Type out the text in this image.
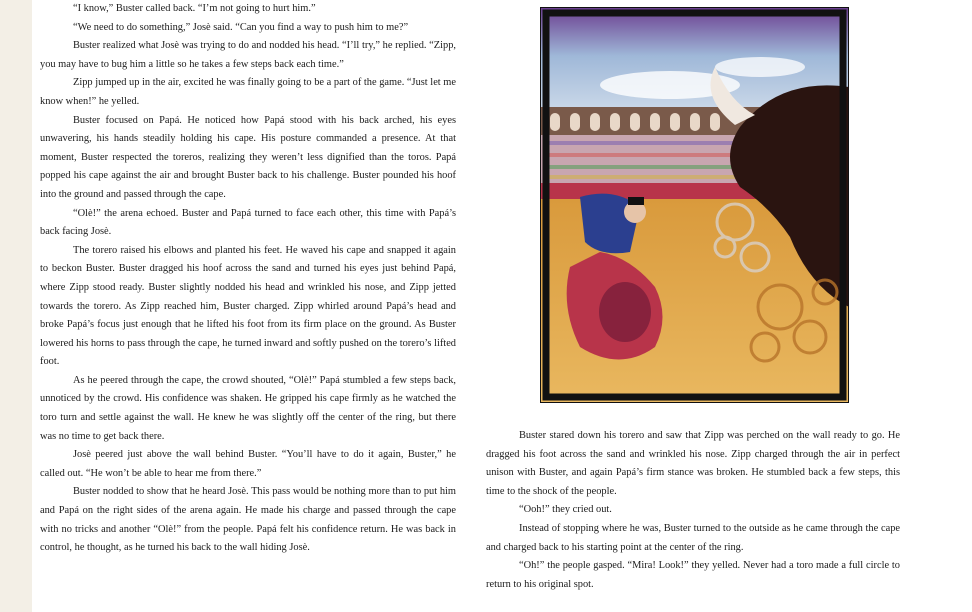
“I know,” Buster called back. “I’m not going to hurt him.”

“We need to do something,” Josè said. “Can you find a way to push him to me?”

Buster realized what Josè was trying to do and nodded his head. “I’ll try,” he replied. “Zipp, you may have to bug him a little so he takes a few steps back each time.”

Zipp jumped up in the air, excited he was finally going to be a part of the game. “Just let me know when!” he yelled.

Buster focused on Papá. He noticed how Papá stood with his back arched, his eyes unwavering, his hands steadily holding his cape. His posture commanded a presence. At that moment, Buster respected the toreros, realizing they weren’t less dignified than the toros. Papá popped his cape against the air and brought Buster back to his challenge. Buster pounded his hoof into the ground and passed through the cape.

“Olè!” the arena echoed. Buster and Papá turned to face each other, this time with Papá’s back facing Josè.

The torero raised his elbows and planted his feet. He waved his cape and snapped it again to beckon Buster. Buster dragged his hoof across the sand and turned his eyes just behind Papá, where Zipp stood ready. Buster slightly nodded his head and wrinkled his nose, and Zipp jetted towards the torero. As Zipp reached him, Buster charged. Zipp whirled around Papá’s head and broke Papá’s focus just enough that he lifted his foot from its firm place on the ground. As Buster lowered his horns to pass through the cape, he turned inward and softly pushed on the torero’s lifted foot.

As he peered through the cape, the crowd shouted, “Olè!” Papá stumbled a few steps back, unnoticed by the crowd. His confidence was shaken. He gripped his cape firmly as he watched the toro turn and settle against the wall. He knew he was slightly off the center of the ring, but there was no time to get back there.

Josè peered just above the wall behind Buster. “You’ll have to do it again, Buster,” he called out. “He won’t be able to hear me from there.”

Buster nodded to show that he heard Josè. This pass would be nothing more than to put him and Papá on the right sides of the arena again. He made his charge and passed through the cape with no tricks and another “Olè!” from the people. Papá felt his confidence return. He was back in control, he thought, as he turned his back to the wall hiding Josè.

Buster stared down his torero and saw that Zipp was perched on the wall ready to go. He dragged his foot across the sand and wrinkled his nose. Zipp charged through the air in perfect unison with Buster, and again Papá’s firm stance was broken. He stumbled back a few steps, this time to the shock of the people.

“Ooh!” they cried out.

Instead of stopping where he was, Buster turned to the outside as he came through the cape and charged back to his starting point at the center of the ring.

“Oh!” the people gasped. “Mira! Look!” they yelled. Never had a toro made a full circle to return to his original spot.
